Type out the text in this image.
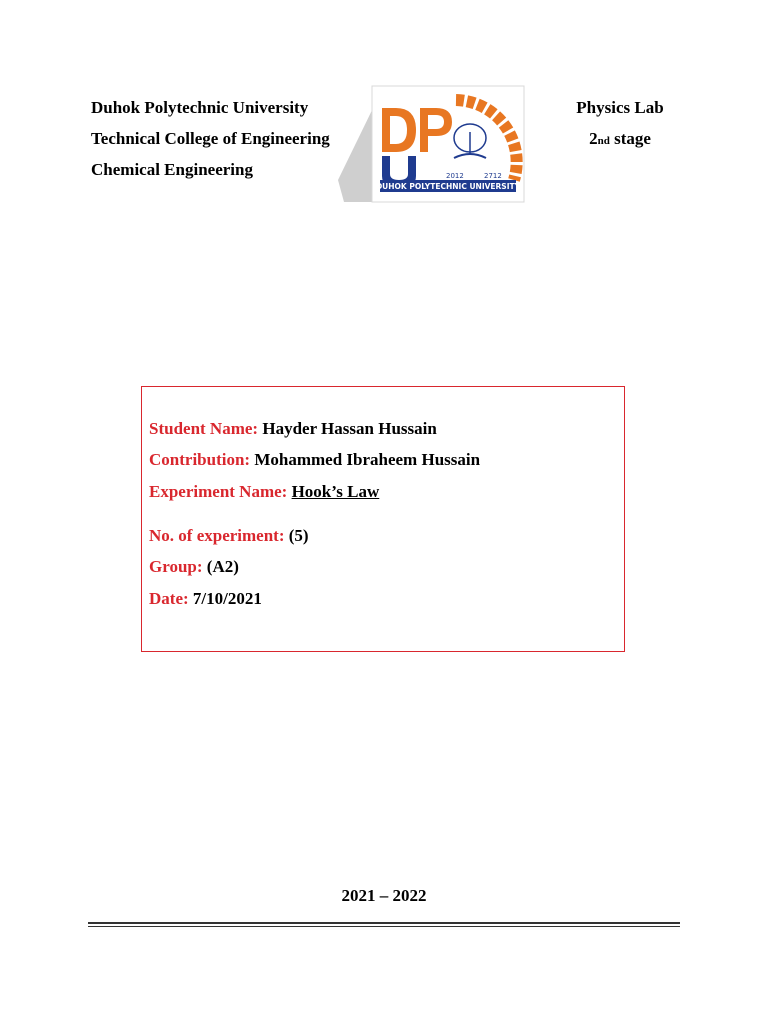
Duhok Polytechnic University
Technical College of Engineering
Chemical Engineering	2012	2712
DUHOK POLYTECHNIC UNIVERSITY
Physics Lab
2nd stage
Student Name: Hayder Hassan Hussain
Contribution: Mohammed Ibraheem Hussain
Experiment Name: Hook’s Law
No. of experiment: (5)
Group: (A2)
Date: 7/10/2021
2021 – 2022
